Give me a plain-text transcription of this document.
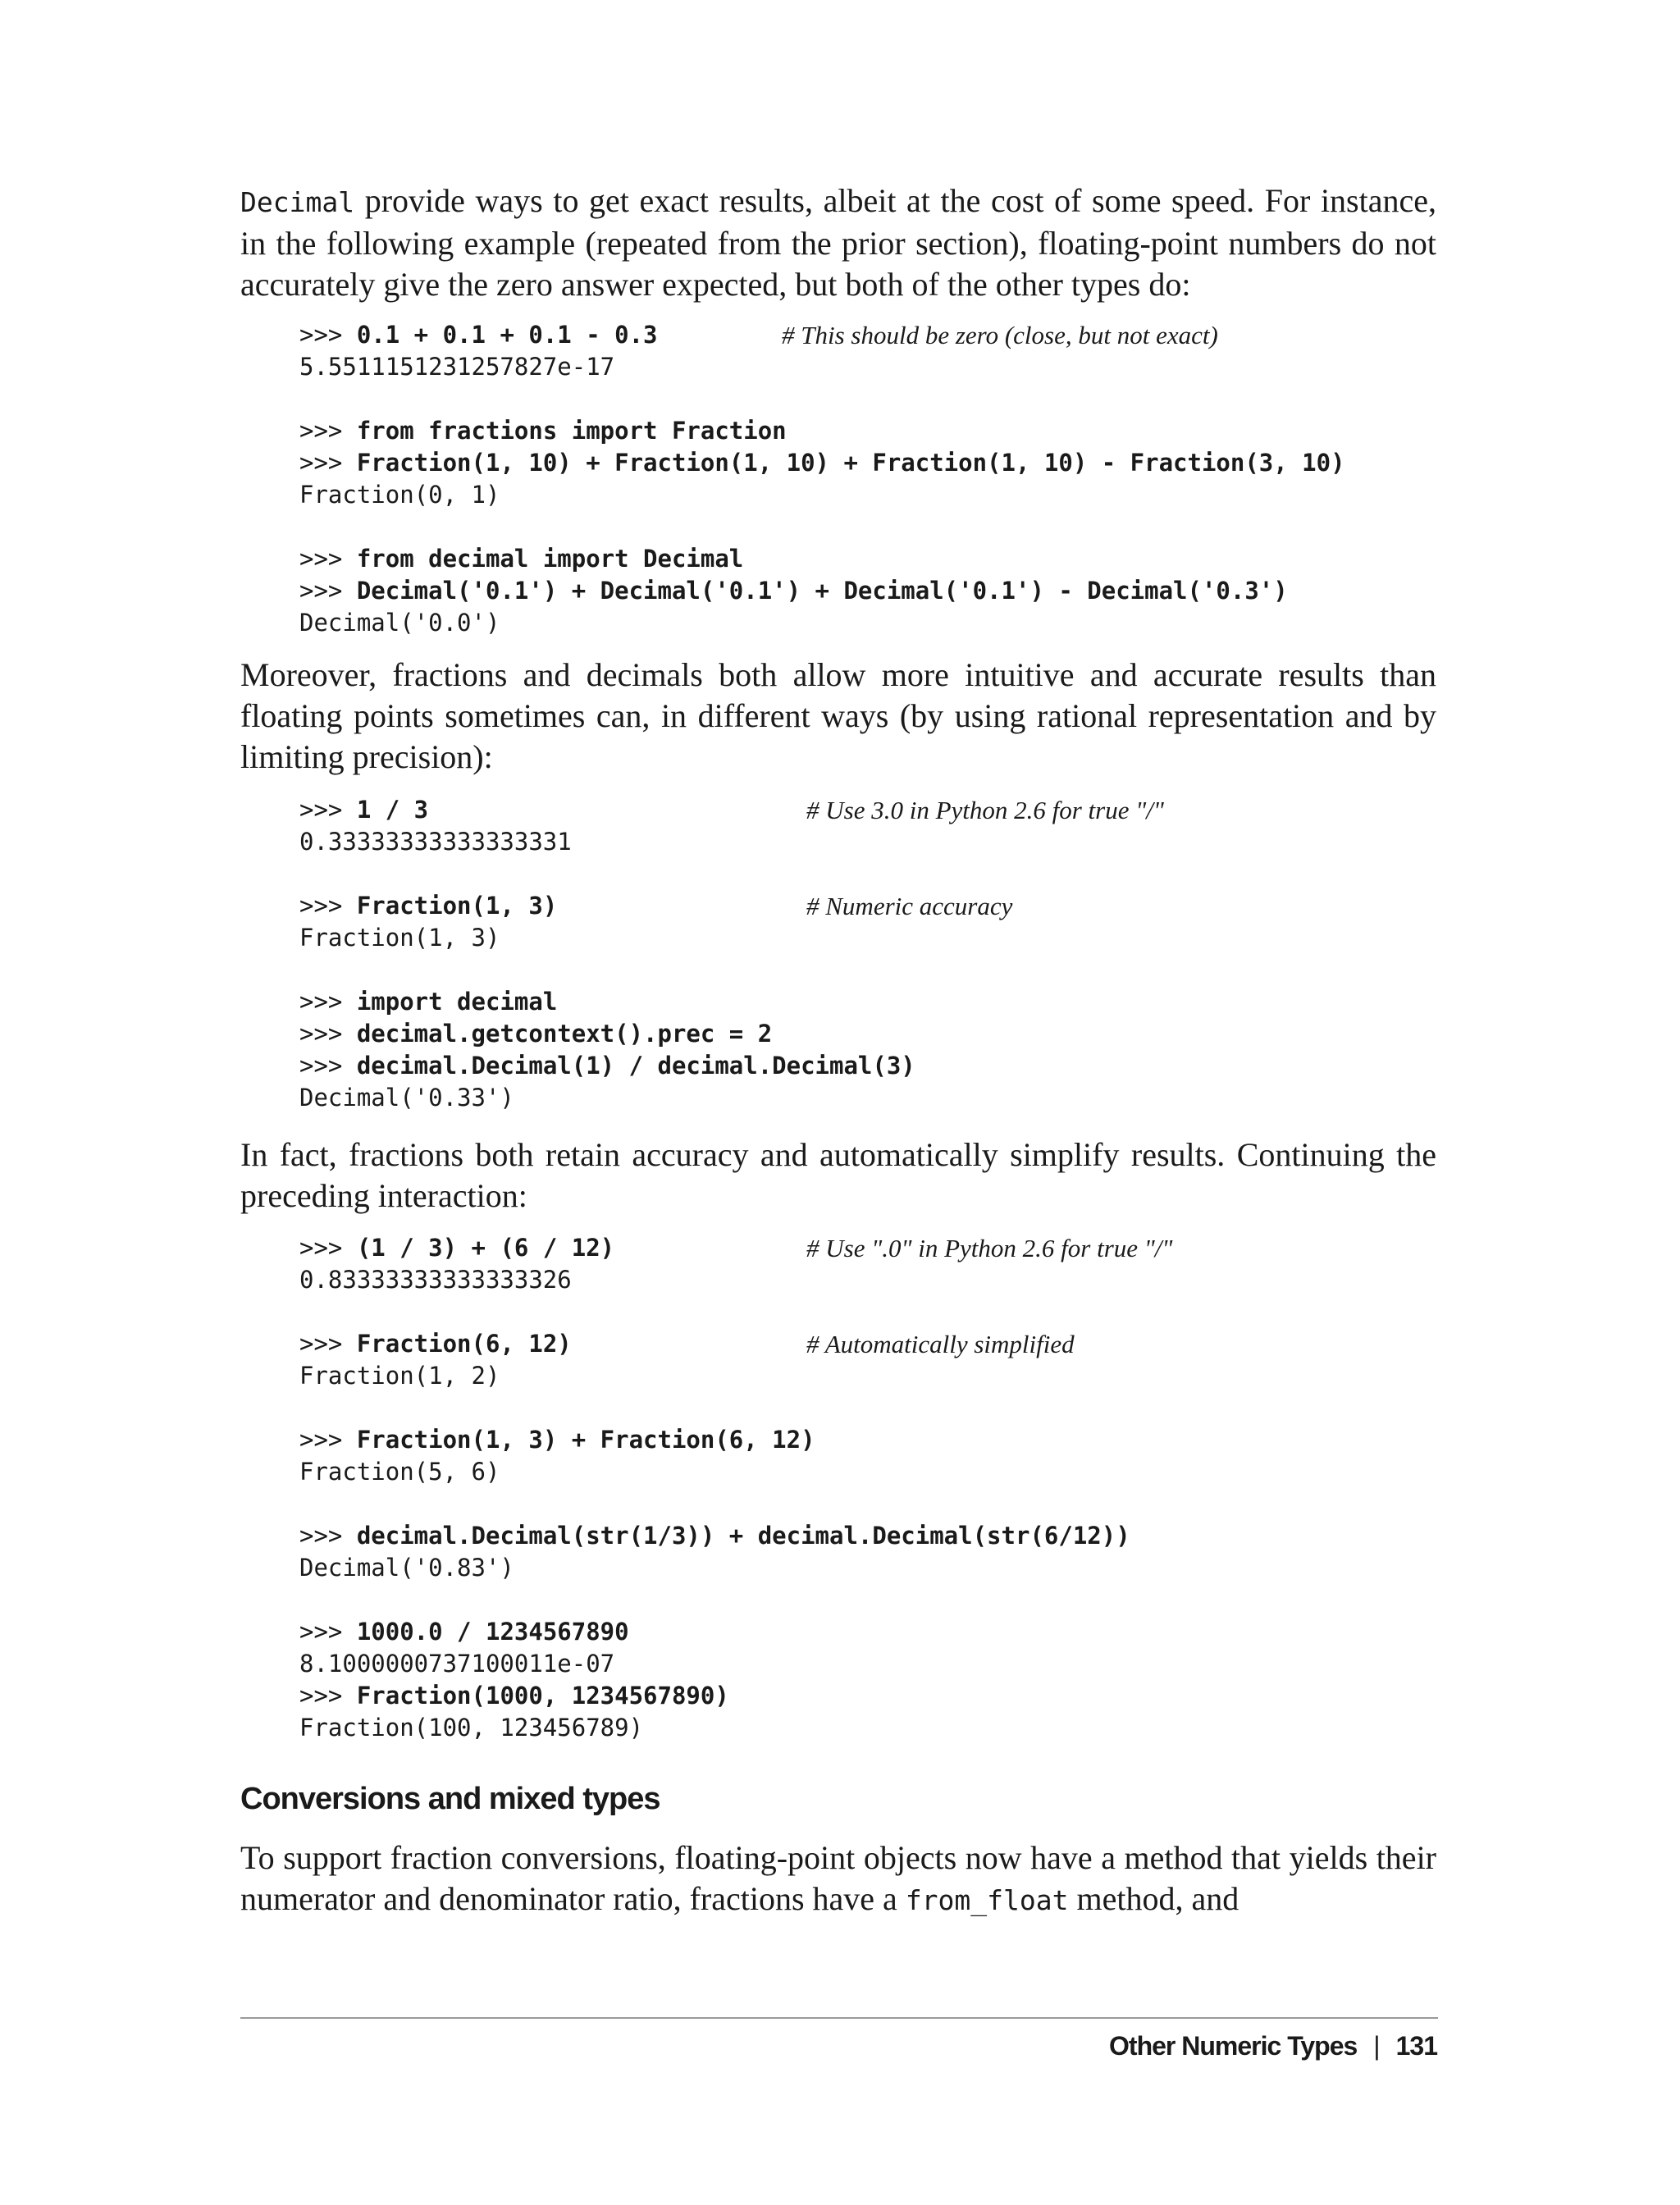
Decimal provide ways to get exact results, albeit at the cost of some speed. For instance, in the following example (repeated from the prior section), floating-point numbers do not accurately give the zero answer expected, but both of the other types do:

>>> 0.1 + 0.1 + 0.1 - 0.3	# This should be zero (close, but not exact)
5.5511151231257827e-17
>>> from fractions import Fraction
>>> Fraction(1, 10) + Fraction(1, 10) + Fraction(1, 10) - Fraction(3, 10)
Fraction(0, 1)
>>> from decimal import Decimal
>>> Decimal('0.1') + Decimal('0.1') + Decimal('0.1') - Decimal('0.3')
Decimal('0.0')

Moreover, fractions and decimals both allow more intuitive and accurate results than floating points sometimes can, in different ways (by using rational representation and by limiting precision):

>>> 1 / 3	# Use 3.0 in Python 2.6 for true "/"
0.33333333333333331
>>> Fraction(1, 3)	# Numeric accuracy
Fraction(1, 3)
>>> import decimal
>>> decimal.getcontext().prec = 2
>>> decimal.Decimal(1) / decimal.Decimal(3)
Decimal('0.33')

In fact, fractions both retain accuracy and automatically simplify results. Continuing the preceding interaction:

>>> (1 / 3) + (6 / 12)	# Use ".0" in Python 2.6 for true "/"
0.83333333333333326
>>> Fraction(6, 12)	# Automatically simplified
Fraction(1, 2)
>>> Fraction(1, 3) + Fraction(6, 12)
Fraction(5, 6)
>>> decimal.Decimal(str(1/3)) + decimal.Decimal(str(6/12))
Decimal('0.83')
>>> 1000.0 / 1234567890
8.1000000737100011e-07
>>> Fraction(1000, 1234567890)
Fraction(100, 123456789)
Conversions and mixed types

To support fraction conversions, floating-point objects now have a method that yields their numerator and denominator ratio, fractions have a from_float method, and

Other Numeric Types | 131
